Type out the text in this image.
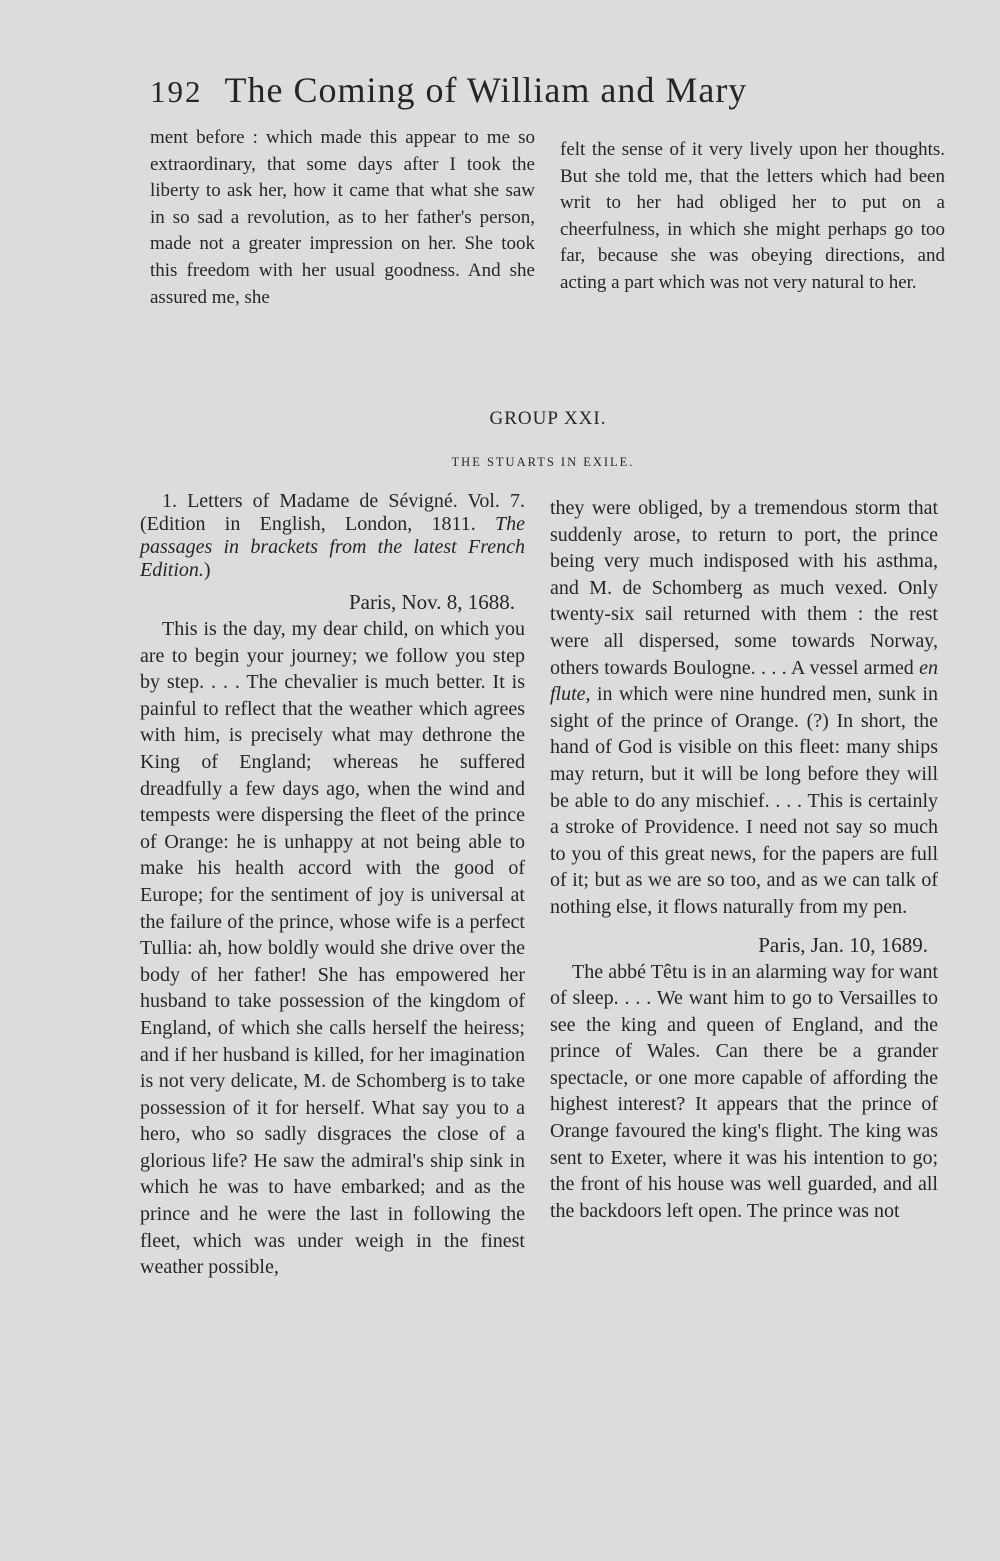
192 The Coming of William and Mary

ment before : which made this appear to me so extraordinary, that some days after I took the liberty to ask her, how it came that what she saw in so sad a revolution, as to her father's person, made not a greater impression on her. She took this freedom with her usual goodness. And she assured me, she

felt the sense of it very lively upon her thoughts. But she told me, that the letters which had been writ to her had obliged her to put on a cheerfulness, in which she might perhaps go too far, because she was obeying directions, and acting a part which was not very natural to her.

GROUP XXI.
THE STUARTS IN EXILE.

1. Letters of Madame de Sévigné. Vol. 7. (Edition in English, London, 1811. The passages in brackets from the latest French Edition.)

Paris, Nov. 8, 1688.

This is the day, my dear child, on which you are to begin your journey; we follow you step by step. . . . The chevalier is much better. It is painful to reflect that the weather which agrees with him, is precisely what may dethrone the King of England; whereas he suffered dreadfully a few days ago, when the wind and tempests were dispersing the fleet of the prince of Orange: he is unhappy at not being able to make his health accord with the good of Europe; for the sentiment of joy is universal at the failure of the prince, whose wife is a perfect Tullia: ah, how boldly would she drive over the body of her father! She has empowered her husband to take possession of the kingdom of England, of which she calls herself the heiress; and if her husband is killed, for her imagination is not very delicate, M. de Schomberg is to take possession of it for herself. What say you to a hero, who so sadly disgraces the close of a glorious life? He saw the admiral's ship sink in which he was to have embarked; and as the prince and he were the last in following the fleet, which was under weigh in the finest weather possible,

they were obliged, by a tremendous storm that suddenly arose, to return to port, the prince being very much indisposed with his asthma, and M. de Schomberg as much vexed. Only twenty-six sail returned with them : the rest were all dispersed, some towards Norway, others towards Boulogne. . . . A vessel armed en flute, in which were nine hundred men, sunk in sight of the prince of Orange. (?) In short, the hand of God is visible on this fleet: many ships may return, but it will be long before they will be able to do any mischief. . . . This is certainly a stroke of Providence. I need not say so much to you of this great news, for the papers are full of it; but as we are so too, and as we can talk of nothing else, it flows naturally from my pen.

Paris, Jan. 10, 1689.

The abbé Têtu is in an alarming way for want of sleep. . . . We want him to go to Versailles to see the king and queen of England, and the prince of Wales. Can there be a grander spectacle, or one more capable of affording the highest interest? It appears that the prince of Orange favoured the king's flight. The king was sent to Exeter, where it was his intention to go; the front of his house was well guarded, and all the backdoors left open. The prince was not
